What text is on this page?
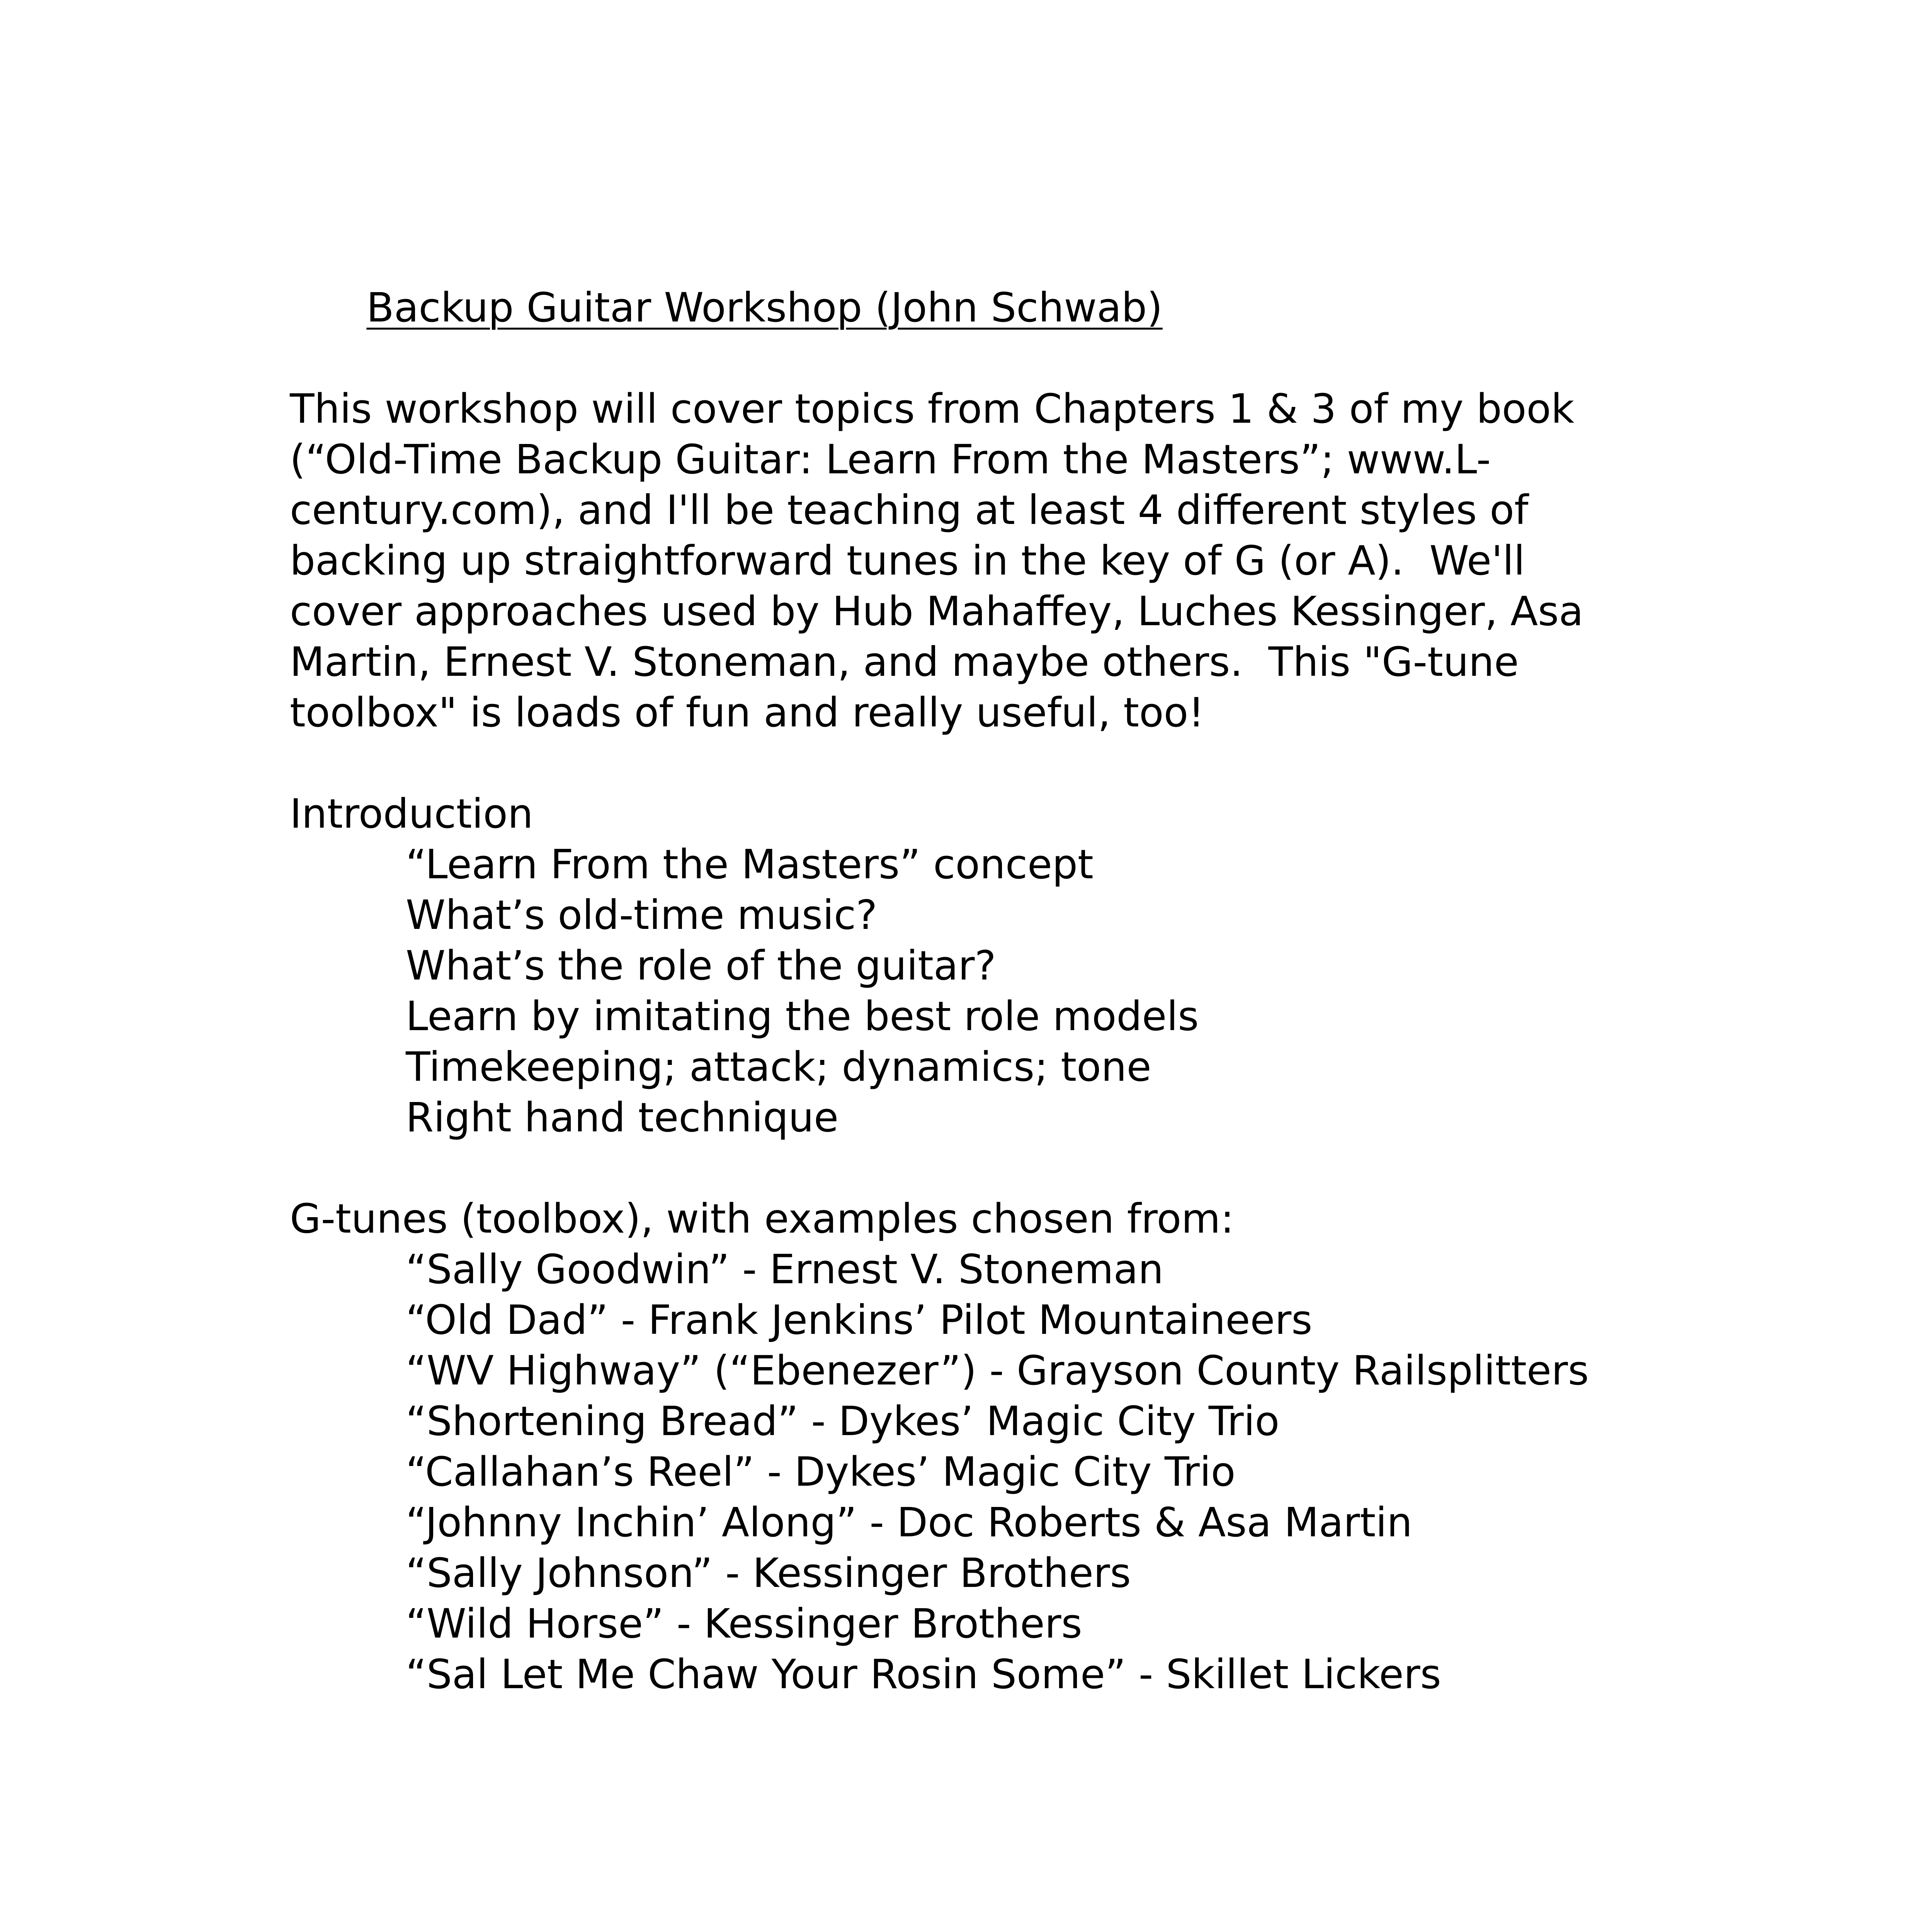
Backup Guitar Workshop (John Schwab)

This workshop will cover topics from Chapters 1 & 3 of my book
(“Old-Time Backup Guitar: Learn From the Masters”; www.L-
century.com), and I'll be teaching at least 4 different styles of
backing up straightforward tunes in the key of G (or A).  We'll
cover approaches used by Hub Mahaffey, Luches Kessinger, Asa
Martin, Ernest V. Stoneman, and maybe others.  This "G-tune
toolbox" is loads of fun and really useful, too!
Introduction
“Learn From the Masters” concept
What’s old-time music?
What’s the role of the guitar?
Learn by imitating the best role models
Timekeeping; attack; dynamics; tone
Right hand technique
G-tunes (toolbox), with examples chosen from:
“Sally Goodwin” - Ernest V. Stoneman
“Old Dad” - Frank Jenkins’ Pilot Mountaineers
“WV Highway” (“Ebenezer”) - Grayson County Railsplitters
“Shortening Bread” - Dykes’ Magic City Trio
“Callahan’s Reel” - Dykes’ Magic City Trio
“Johnny Inchin’ Along” - Doc Roberts & Asa Martin
“Sally Johnson” - Kessinger Brothers
“Wild Horse” - Kessinger Brothers
“Sal Let Me Chaw Your Rosin Some” - Skillet Lickers
